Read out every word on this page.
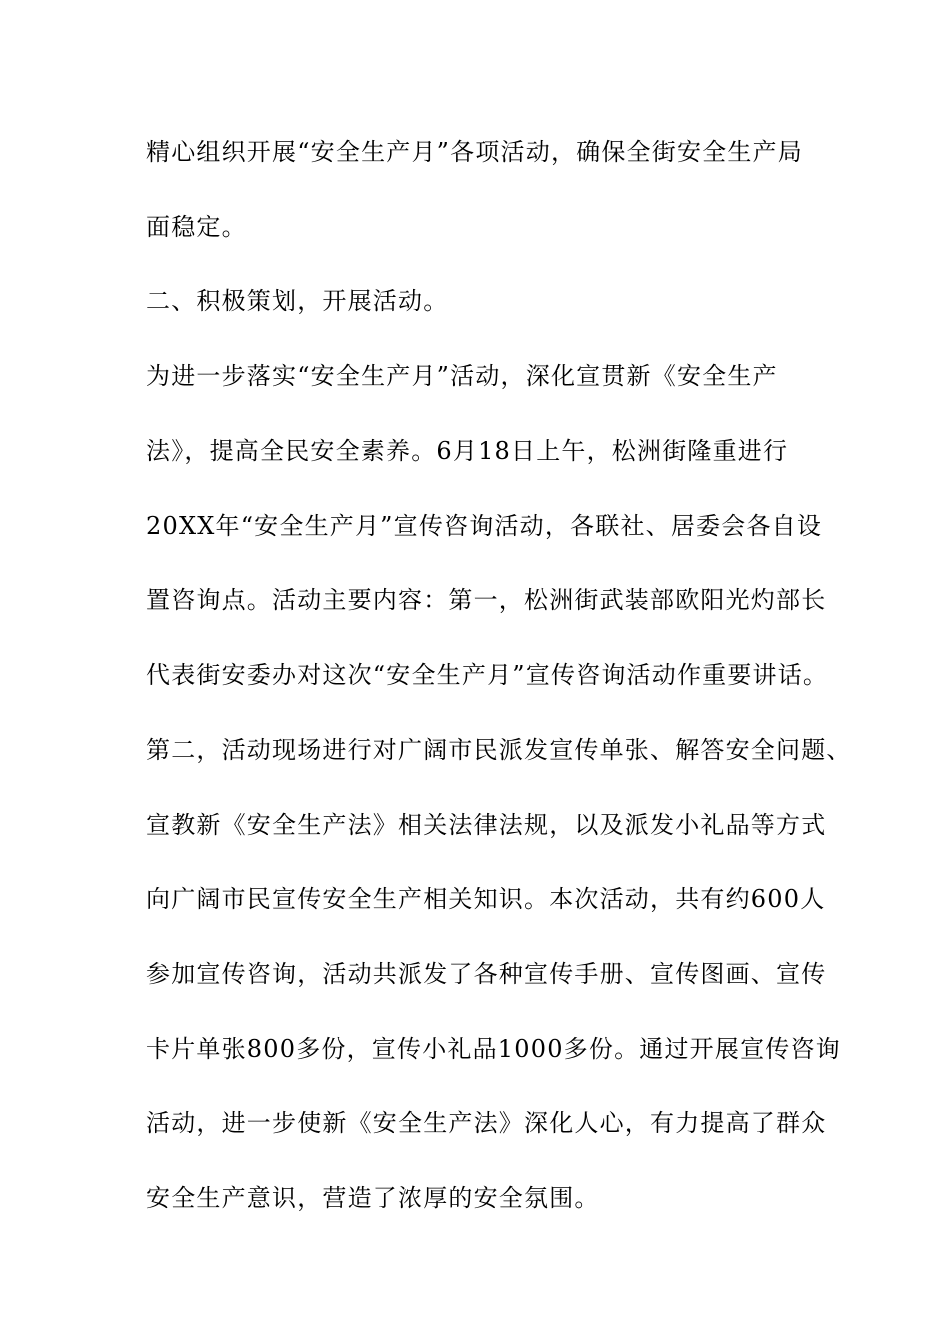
精心组织开展“安全生产月”各项活动，确保全街安全生产局
面稳定。
二、积极策划，开展活动。
为进一步落实“安全生产月”活动，深化宣贯新《安全生产
法》，提高全民安全素养。6月18日上午，松洲街隆重进行
20XX年“安全生产月”宣传咨询活动，各联社、居委会各自设
置咨询点。活动主要内容：第一，松洲街武装部欧阳光灼部长
代表街安委办对这次“安全生产月”宣传咨询活动作重要讲话。
第二，活动现场进行对广阔市民派发宣传单张、解答安全问题、
宣教新《安全生产法》相关法律法规，以及派发小礼品等方式
向广阔市民宣传安全生产相关知识。本次活动，共有约600人
参加宣传咨询，活动共派发了各种宣传手册、宣传图画、宣传
卡片单张800多份，宣传小礼品1000多份。通过开展宣传咨询
活动，进一步使新《安全生产法》深化人心，有力提高了群众
安全生产意识，营造了浓厚的安全氛围。
